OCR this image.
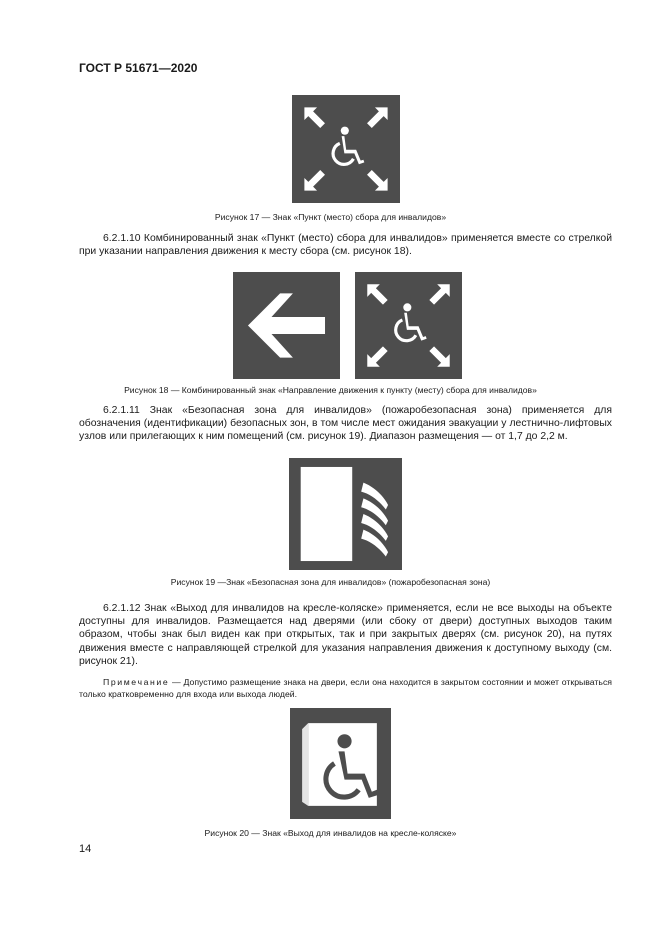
ГОСТ Р 51671—2020
Рисунок 17 — Знак «Пункт (место) сбора для инвалидов»
6.2.1.10 Комбинированный знак «Пункт (место) сбора для инвалидов» применяется вместе со стрелкой при указании направления движения к месту сбора (см. рисунок 18).
Рисунок 18 — Комбинированный знак «Направление движения к пункту (месту) сбора для инвалидов»
6.2.1.11 Знак «Безопасная зона для инвалидов» (пожаробезопасная зона) применяется для обозначения (идентификации) безопасных зон, в том числе мест ожидания эвакуации у лестнично-лифтовых узлов или прилегающих к ним помещений (см. рисунок 19). Диапазон размещения — от 1,7 до 2,2 м.
Рисунок 19 —Знак «Безопасная зона для инвалидов» (пожаробезопасная зона)
6.2.1.12 Знак «Выход для инвалидов на кресле-коляске» применяется, если не все выходы на объекте доступны для инвалидов. Размещается над дверями (или сбоку от двери) доступных выходов таким образом, чтобы знак был виден как при открытых, так и при закрытых дверях (см. рисунок 20), на путях движения вместе с направляющей стрелкой для указания направления движения к доступному выходу (см. рисунок 21).
Примечание — Допустимо размещение знака на двери, если она находится в закрытом состоянии и может открываться только кратковременно для входа или выхода людей.
Рисунок 20 — Знак «Выход для инвалидов на кресле-коляске»
14
